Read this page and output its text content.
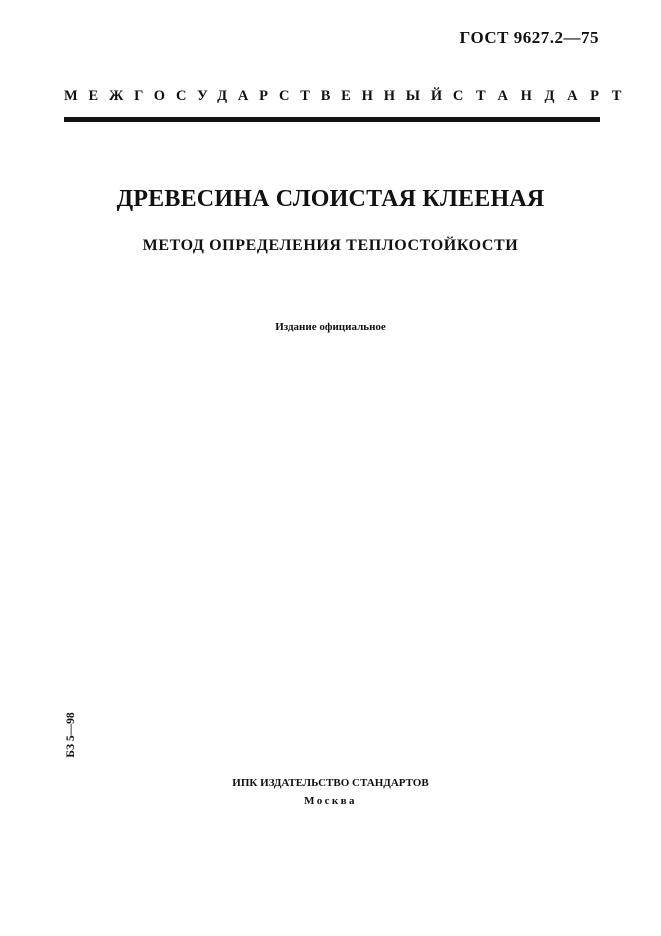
ГОСТ 9627.2—75
МЕЖГОСУДАРСТВЕННЫЙ СТАНДАРТ
ДРЕВЕСИНА СЛОИСТАЯ КЛЕЕНАЯ
МЕТОД ОПРЕДЕЛЕНИЯ ТЕПЛОСТОЙКОСТИ
Издание официальное
БЗ 5—98
ИПК ИЗДАТЕЛЬСТВО СТАНДАРТОВ
Москва
